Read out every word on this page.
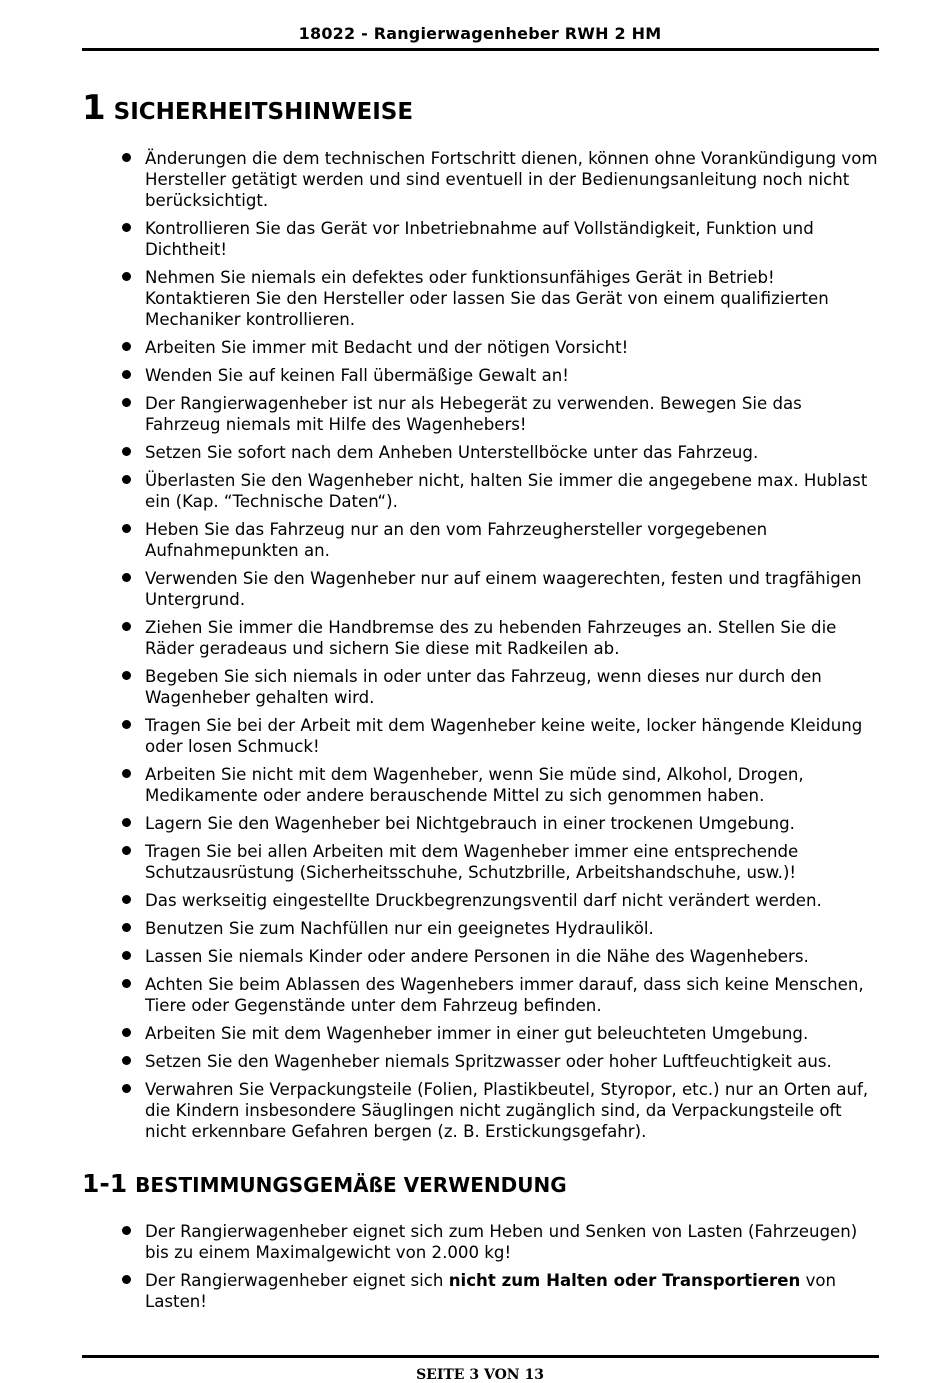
18022 - Rangierwagenheber RWH 2 HM
1 SICHERHEITSHINWEISE
Änderungen die dem technischen Fortschritt dienen, können ohne Vorankündigung vom Hersteller getätigt werden und sind eventuell in der Bedienungsanleitung noch nicht berücksichtigt.
Kontrollieren Sie das Gerät vor Inbetriebnahme auf Vollständigkeit, Funktion und Dichtheit!
Nehmen Sie niemals ein defektes oder funktionsunfähiges Gerät in Betrieb! Kontaktieren Sie den Hersteller oder lassen Sie das Gerät von einem qualifizierten Mechaniker kontrollieren.
Arbeiten Sie immer mit Bedacht und der nötigen Vorsicht!
Wenden Sie auf keinen Fall übermäßige Gewalt an!
Der Rangierwagenheber ist nur als Hebegerät zu verwenden. Bewegen Sie das Fahrzeug niemals mit Hilfe des Wagenhebers!
Setzen Sie sofort nach dem Anheben Unterstellböcke unter das Fahrzeug.
Überlasten Sie den Wagenheber nicht, halten Sie immer die angegebene max. Hublast ein (Kap. “Technische Daten“).
Heben Sie das Fahrzeug nur an den vom Fahrzeughersteller vorgegebenen Aufnahmepunkten an.
Verwenden Sie den Wagenheber nur auf einem waagerechten, festen und tragfähigen Untergrund.
Ziehen Sie immer die Handbremse des zu hebenden Fahrzeuges an. Stellen Sie die Räder geradeaus und sichern Sie diese mit Radkeilen ab.
Begeben Sie sich niemals in oder unter das Fahrzeug, wenn dieses nur durch den Wagenheber gehalten wird.
Tragen Sie bei der Arbeit mit dem Wagenheber keine weite, locker hängende Kleidung oder losen Schmuck!
Arbeiten Sie nicht mit dem Wagenheber, wenn Sie müde sind, Alkohol, Drogen, Medikamente oder andere berauschende Mittel zu sich genommen haben.
Lagern Sie den Wagenheber bei Nichtgebrauch in einer trockenen Umgebung.
Tragen Sie bei allen Arbeiten mit dem Wagenheber immer eine entsprechende Schutzausrüstung (Sicherheitsschuhe, Schutzbrille, Arbeitshandschuhe, usw.)!
Das werkseitig eingestellte Druckbegrenzungsventil darf nicht verändert werden.
Benutzen Sie zum Nachfüllen nur ein geeignetes Hydrauliköl.
Lassen Sie niemals Kinder oder andere Personen in die Nähe des Wagenhebers.
Achten Sie beim Ablassen des Wagenhebers immer darauf, dass sich keine Menschen, Tiere oder Gegenstände unter dem Fahrzeug befinden.
Arbeiten Sie mit dem Wagenheber immer in einer gut beleuchteten Umgebung.
Setzen Sie den Wagenheber niemals Spritzwasser oder hoher Luftfeuchtigkeit aus.
Verwahren Sie Verpackungsteile (Folien, Plastikbeutel, Styropor, etc.) nur an Orten auf, die Kindern insbesondere Säuglingen nicht zugänglich sind, da Verpackungsteile oft nicht erkennbare Gefahren bergen (z. B. Erstickungsgefahr).
1-1 BESTIMMUNGSGEMÄßE VERWENDUNG
Der Rangierwagenheber eignet sich zum Heben und Senken von Lasten (Fahrzeugen) bis zu einem Maximalgewicht von 2.000 kg!
Der Rangierwagenheber eignet sich nicht zum Halten oder Transportieren von Lasten!
SEITE 3 VON 13
